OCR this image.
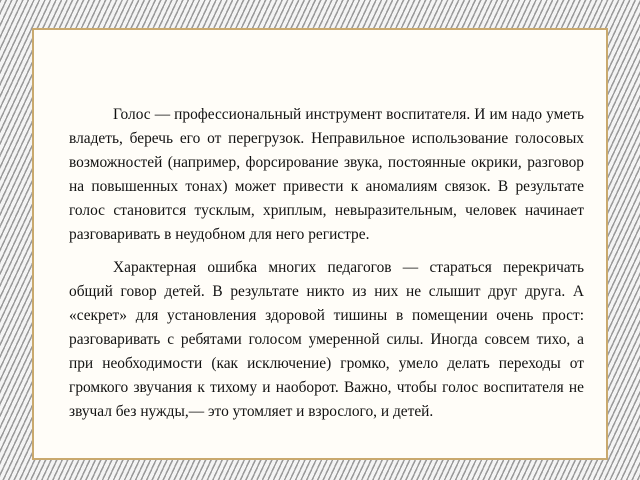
Голос — профессиональный инструмент воспитателя. И им надо уметь владеть, беречь его от перегрузок. Неправильное использование голосовых возможностей (например, форсирование звука, постоянные окрики, разговор на повышенных тонах) может привести к аномалиям связок. В результате голос становится тусклым, хриплым, невыразительным, человек начинает разговаривать в неудобном для него регистре.

Характерная ошибка многих педагогов — стараться перекричать общий говор детей. В результате никто из них не слышит друг друга. А «секрет» для установления здоровой тишины в помещении очень прост: разговаривать с ребятами голосом умеренной силы. Иногда совсем тихо, а при необходимости (как исключение) громко, умело делать переходы от громкого звучания к тихому и наоборот. Важно, чтобы голос воспитателя не звучал без нужды,— это утомляет и взрослого, и детей.
